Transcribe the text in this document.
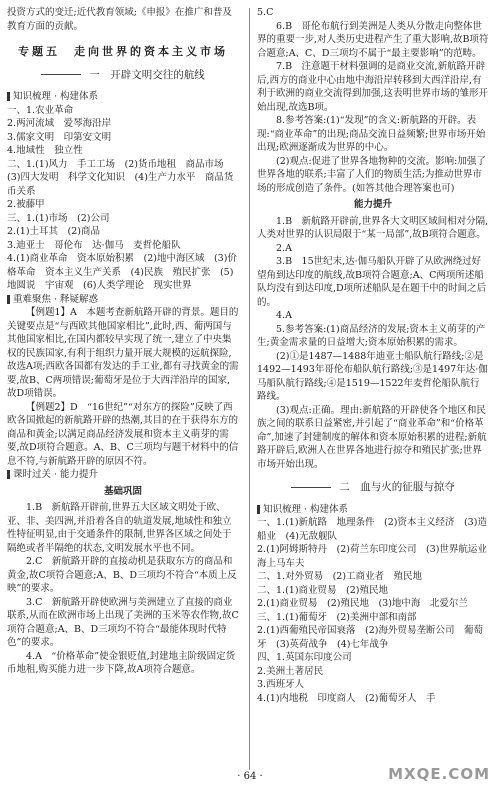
投资方式的变迁;近代教育领域;《申报》在推广和普及教育方面的贡献。

专题五　走向世界的资本主义市场

一　开辟文明交往的航线

知识梳理 · 构建体系

一、1.农业革命

2.两河流域　爱琴海沿岸

3.儒家文明　印第安文明

4.地域性　独立性

二、1.(1)风力　手工工场　(2)货币地租　商品市场　(3)四大发明　科学文化知识　(4)生产力水平　商品货币关系

2.被藤甲

三、1.(1)市场　(2)公司

2.(1)土耳其　(2)商品

3.迪亚士　哥伦布　达·伽马　麦哲伦船队

4.(1)商业革命　资本原始积累　(2)地中海区域　(3)价格革命　资本主义生产关系　(4)民族　殖民扩张　(5)地圆说　宇宙观　(6)人类学理论　现实世界

重难聚焦 · 释疑解惑

【例题1】A　本题考查新航路开辟的背景。题目的关键要点是“与西欧其他国家相比”,此时,西、葡两国与其他国家相比,在国内都较早实现了统一,建立了中央集权的民族国家,有利于组织力量开展大规模的远航探险,故选A项;西欧各国都有发达的手工业,都有寻找黄金的需要,故B、C两项错误;葡萄牙是位于大西洋沿岸的国家,故D项错误。

【例题2】D　“16世纪”“对东方的探险”反映了西欧各国掀起的新航路开辟的热潮,其目的在于获得东方的商品和黄金;以满足商品经济发展和资本主义萌芽的需要,故D项符合题意。A、B、C三项均与题干材料中的信息不符,与新航路开辟的原因不符。

课时过关 · 能力提升

基础巩固

1.B　新航路开辟前,世界五大区域文明处于欧、亚、非、美四洲,并沿着各自的轨道发展,地域性和独立性特征明显,由于交通条件的限制,世界各区域之间处于隔绝或者半隔绝的状态,文明发展水平也不同。

2.C　新航路开辟的直接动机是获取东方的商品和黄金,故C项符合题意;A、B、D三项均不符合“本质上反映”的要求。

3.C　新航路开辟使欧洲与美洲建立了直接的商业联系,从而在欧洲市场上出现了美洲的玉米等农作物,故C项符合题意;A、B、D三项均不符合“最能体现时代特色”的要求。

4.A　“价格革命”使金银贬值,封建地主阶级固定货币地租,购买能力进一步下降,故A项符合题意。

5.C

6.B　哥伦布航行到美洲是人类从分散走向整体世界的重要一步,对人类历史进程产生了重大影响,故B项符合题意;A、C、D三项均不属于“最主要影响”的范畴。

7.B　注意题干材料强调的是商业交流,新航路开辟后,西方的商业中心由地中海沿岸转移到大西洋沿岸,有利于欧洲的商业交流得到加强,这表明世界市场的雏形开始出现,故选B项。

8.参考答案:(1)“发现”的含义:新航路的开辟。表现:“商业革命”的出现;商品交流日益频繁;世界市场开始出现;欧洲逐渐成为世界的中心。

(2)观点:促进了世界各地物种的交流。影响:加强了世界各地的联系;丰富了人们的物质生活;为推动世界市场的形成创造了条件。(如答其他合理答案也可)

能力提升

1.B　新航路开辟前,世界各大文明区域间相对分隔,人类对世界的认识局限于“某一局部”,故B项符合题意。

2.A

3.B　15世纪末,达·伽马船队开辟了从欧洲绕过好望角到达印度的航线,故B项符合题意;A、C两项所述船队均没有到达印度,D项所述船队是在题干中的时间之后的。

4.A

5.参考答案:(1)商品经济的发展;资本主义萌芽的产生;黄金需求量的日益增大;资本原始积累的需求。

(2)①是1487—1488年迪亚士船队航行路线;②是1492—1493年哥伦布船队航行路线;③是1497年达·伽马船队航行路线;④是1519—1522年麦哲伦船队航行路线。

(3)观点:正确。理由:新航路的开辟使各个地区和民族之间的联系日益紧密,并引起了“商业革命”和“价格革命”,加速了封建制度的解体和资本原始积累的进程;新航路开辟后,欧洲人在世界各地进行掠夺和殖民扩张;世界市场开始出现。

二　血与火的征服与掠夺

知识梳理 · 构建体系

一、1.(1)新航路　地理条件　(2)资本主义经济　(3)造船业　(4)无敌舰队

2.(1)阿姆斯特丹　(2)荷兰东印度公司　(3)世界航运业　海上马车夫

二、1.对外贸易　(2)工商业者　殖民地

二、1.(1)商业贸易　(2)殖民地

2.(1)商业贸易　(2)殖民地　(3)地中海　北爱尔兰

三、1.(1)葡萄牙　(2)美洲中部和南部

2.(1)西葡殖民帝国衰落　(2)海外贸易垄断公司　葡萄牙　(3)英荷战争　(4)七年战争

四、1.英国东印度公司

2.美洲土著居民

3.西班牙人

4.(1)内地税　印度商人　(2)葡萄牙人　手

· 64 ·	MXQE.COM
